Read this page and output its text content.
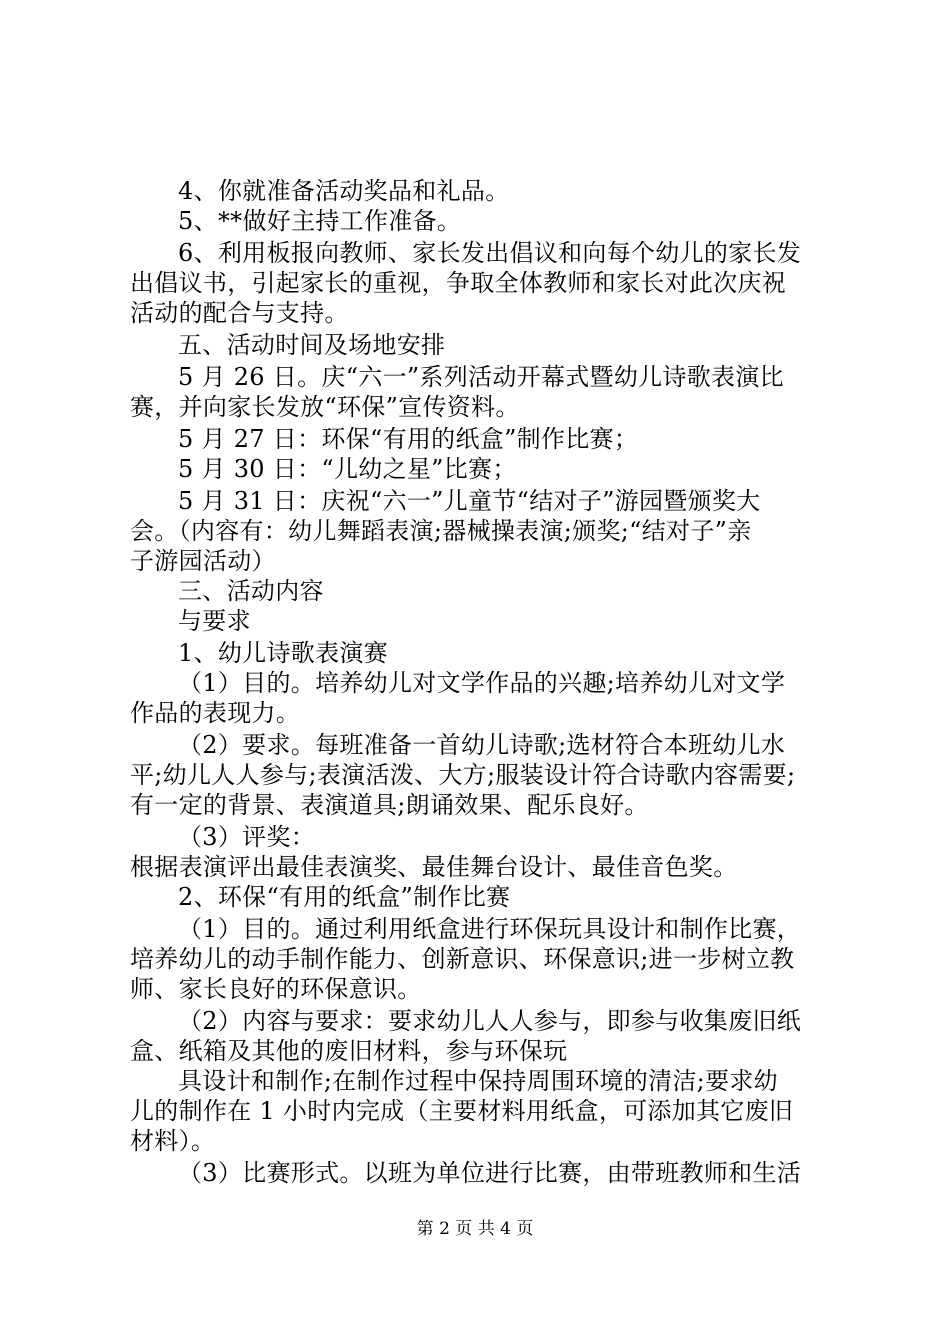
4、你就准备活动奖品和礼品。
5、**做好主持工作准备。
6、利用板报向教师、家长发出倡议和向每个幼儿的家长发
出倡议书，引起家长的重视，争取全体教师和家长对此次庆祝
活动的配合与支持。
五、活动时间及场地安排
5 月 26 日。庆“六一”系列活动开幕式暨幼儿诗歌表演比
赛，并向家长发放“环保”宣传资料。
5 月 27 日：环保“有用的纸盒”制作比赛；
5 月 30 日：“儿幼之星”比赛；
5 月 31 日：庆祝“六一”儿童节“结对子”游园暨颁奖大
会。（内容有：幼儿舞蹈表演;器械操表演;颁奖;“结对子”亲
子游园活动）
三、活动内容
与要求
1、幼儿诗歌表演赛
（1）目的。培养幼儿对文学作品的兴趣;培养幼儿对文学
作品的表现力。
（2）要求。每班准备一首幼儿诗歌;选材符合本班幼儿水
平;幼儿人人参与;表演活泼、大方;服装设计符合诗歌内容需要;
有一定的背景、表演道具;朗诵效果、配乐良好。
（3）评奖：
根据表演评出最佳表演奖、最佳舞台设计、最佳音色奖。
2、环保“有用的纸盒”制作比赛
（1）目的。通过利用纸盒进行环保玩具设计和制作比赛，
培养幼儿的动手制作能力、创新意识、环保意识;进一步树立教
师、家长良好的环保意识。
（2）内容与要求：要求幼儿人人参与，即参与收集废旧纸
盒、纸箱及其他的废旧材料，参与环保玩
具设计和制作;在制作过程中保持周围环境的清洁;要求幼
儿的制作在 1 小时内完成（主要材料用纸盒，可添加其它废旧
材料）。
（3）比赛形式。以班为单位进行比赛，由带班教师和生活
第 2 页 共 4 页
